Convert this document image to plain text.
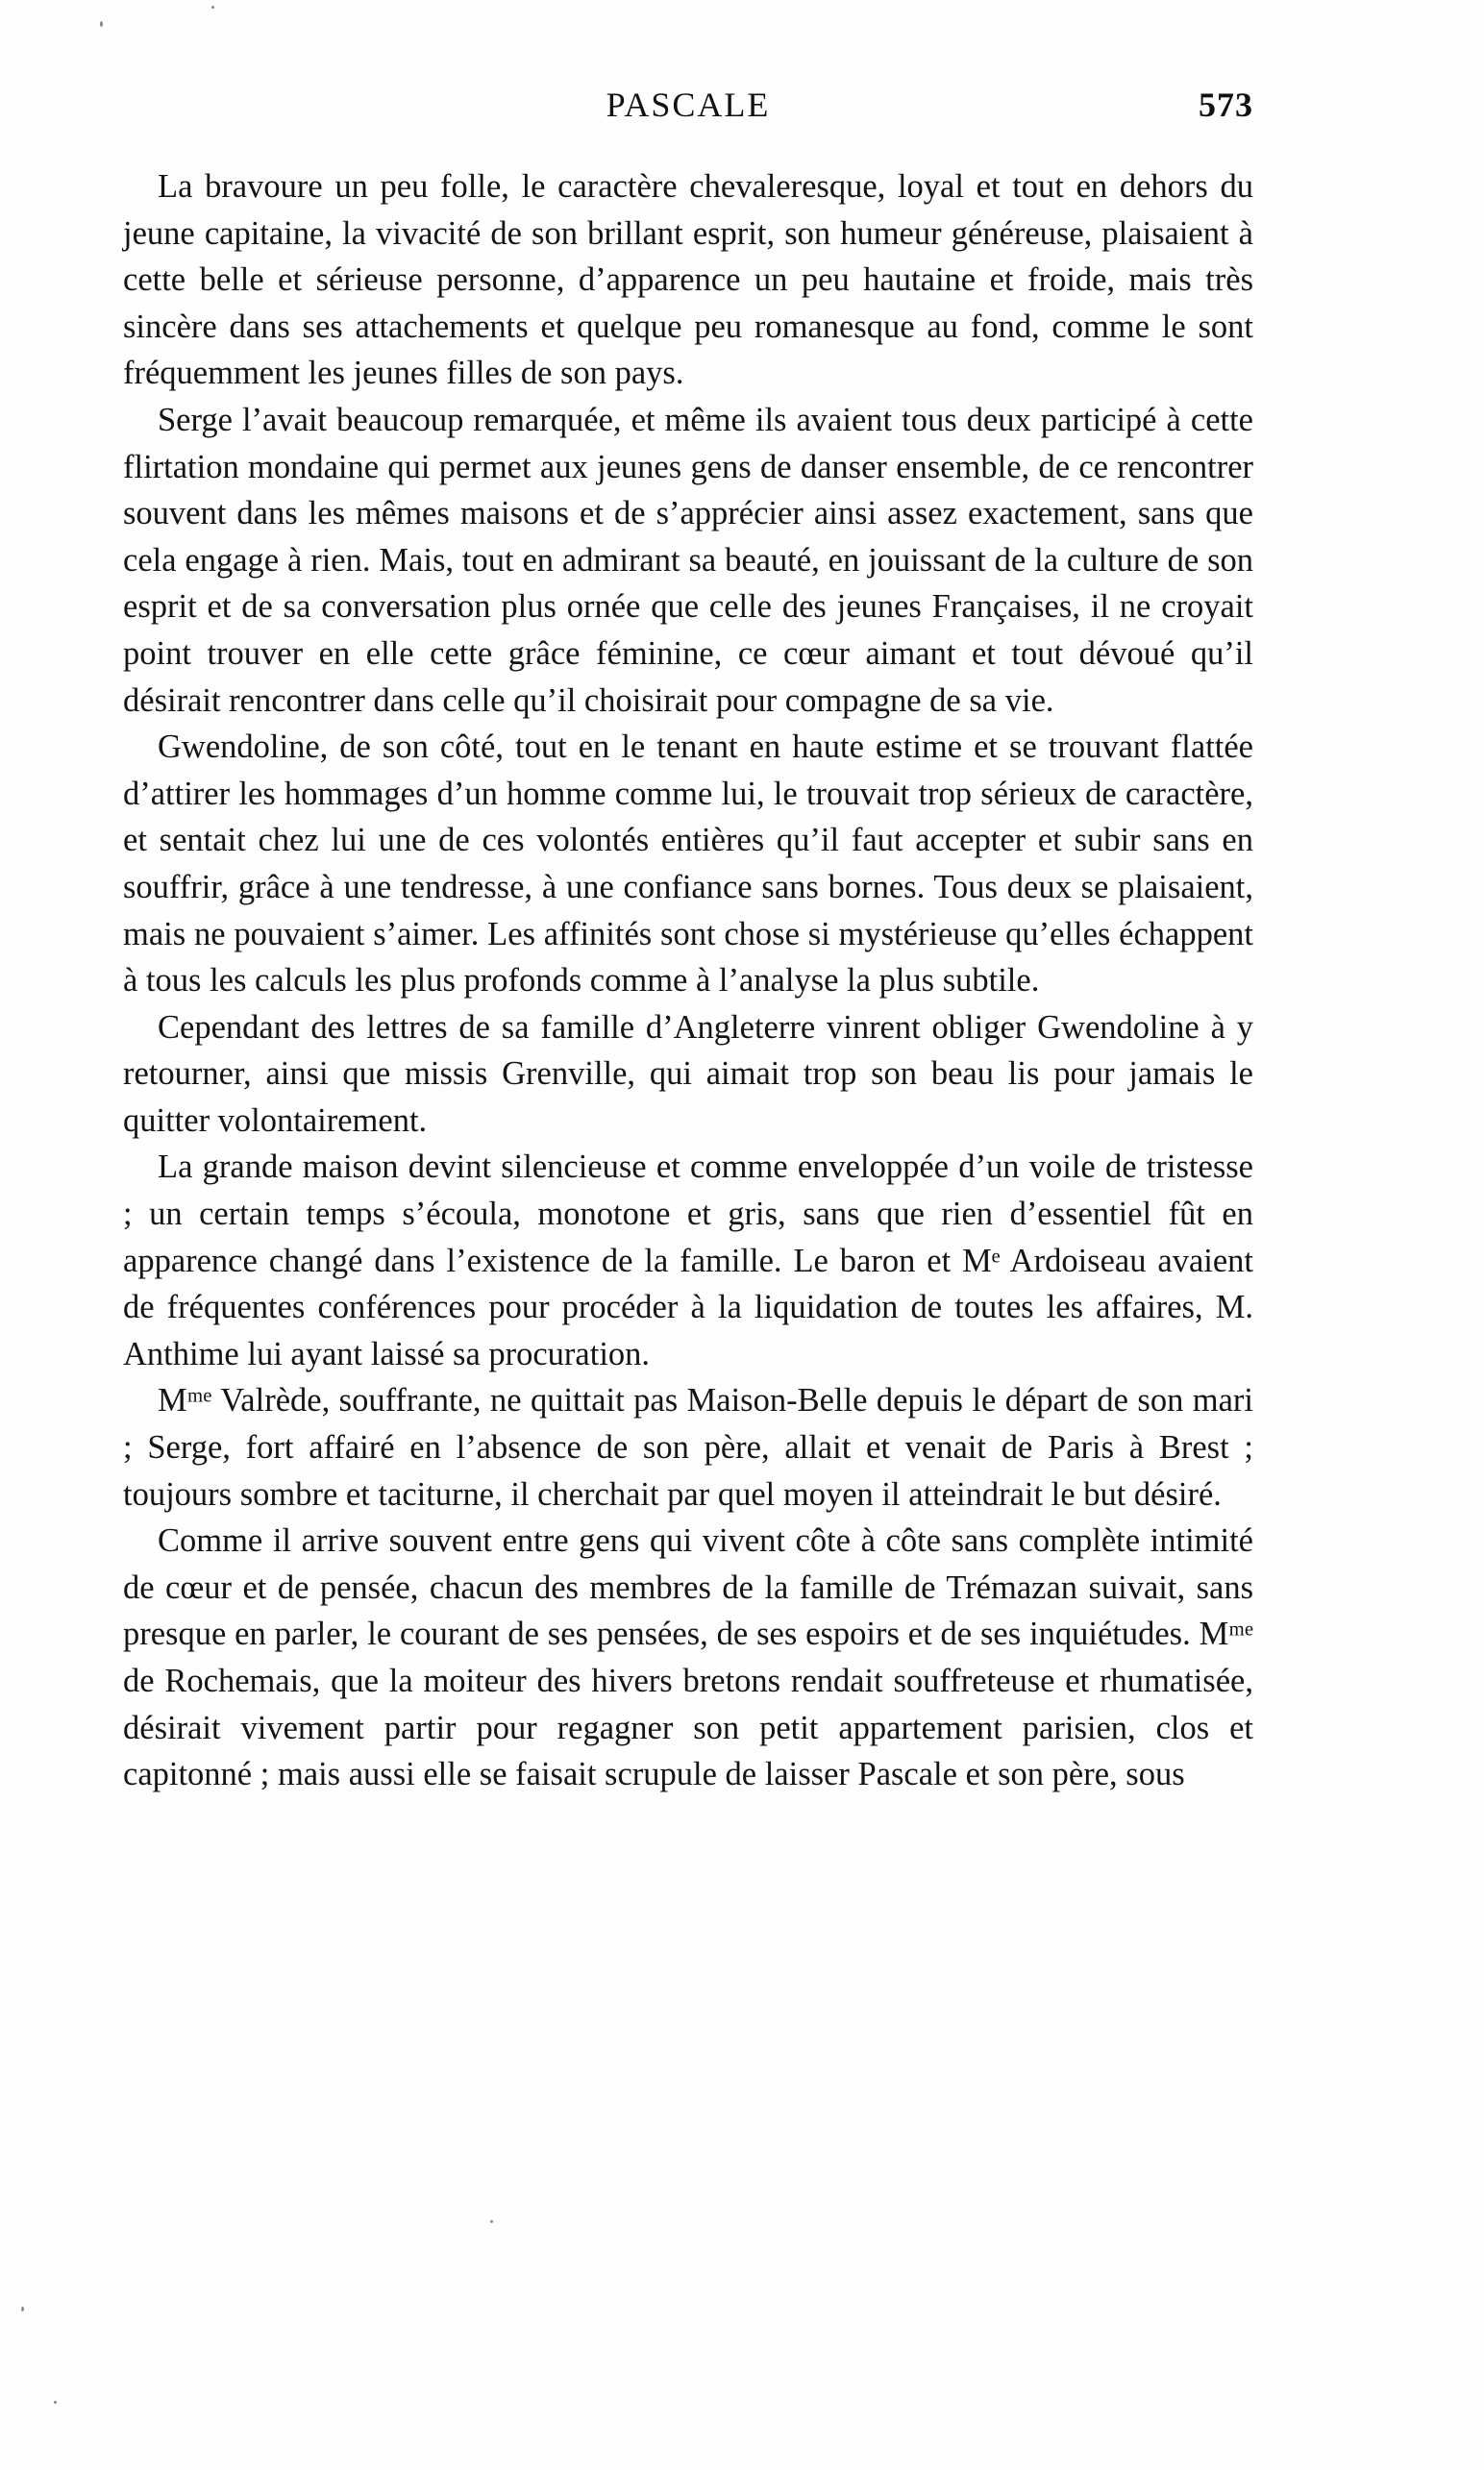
PASCALE	573

La bravoure un peu folle, le caractère chevaleresque, loyal et tout en dehors du jeune capitaine, la vivacité de son brillant esprit, son humeur généreuse, plaisaient à cette belle et sérieuse personne, d’apparence un peu hautaine et froide, mais très sincère dans ses attachements et quelque peu romanesque au fond, comme le sont fréquemment les jeunes filles de son pays.

Serge l’avait beaucoup remarquée, et même ils avaient tous deux participé à cette flirtation mondaine qui permet aux jeunes gens de danser ensemble, de ce rencontrer souvent dans les mêmes maisons et de s’apprécier ainsi assez exactement, sans que cela engage à rien. Mais, tout en admirant sa beauté, en jouissant de la culture de son esprit et de sa conversation plus ornée que celle des jeunes Françaises, il ne croyait point trouver en elle cette grâce féminine, ce cœur aimant et tout dévoué qu’il désirait rencontrer dans celle qu’il choisirait pour compagne de sa vie.

Gwendoline, de son côté, tout en le tenant en haute estime et se trouvant flattée d’attirer les hommages d’un homme comme lui, le trouvait trop sérieux de caractère, et sentait chez lui une de ces volontés entières qu’il faut accepter et subir sans en souffrir, grâce à une tendresse, à une confiance sans bornes. Tous deux se plaisaient, mais ne pouvaient s’aimer. Les affinités sont chose si mystérieuse qu’elles échappent à tous les calculs les plus profonds comme à l’analyse la plus subtile.

Cependant des lettres de sa famille d’Angleterre vinrent obliger Gwendoline à y retourner, ainsi que missis Grenville, qui aimait trop son beau lis pour jamais le quitter volontairement.

La grande maison devint silencieuse et comme enveloppée d’un voile de tristesse ; un certain temps s’écoula, monotone et gris, sans que rien d’essentiel fût en apparence changé dans l’existence de la famille. Le baron et Mᵉ Ardoiseau avaient de fréquentes conférences pour procéder à la liquidation de toutes les affaires, M. Anthime lui ayant laissé sa procuration.

Mᵐᵉ Valrède, souffrante, ne quittait pas Maison-Belle depuis le départ de son mari ; Serge, fort affairé en l’absence de son père, allait et venait de Paris à Brest ; toujours sombre et taciturne, il cherchait par quel moyen il atteindrait le but désiré.

Comme il arrive souvent entre gens qui vivent côte à côte sans complète intimité de cœur et de pensée, chacun des membres de la famille de Trémazan suivait, sans presque en parler, le courant de ses pensées, de ses espoirs et de ses inquiétudes. Mᵐᵉ de Rochemais, que la moiteur des hivers bretons rendait souffreteuse et rhumatisée, désirait vivement partir pour regagner son petit appartement parisien, clos et capitonné ; mais aussi elle se faisait scrupule de laisser Pascale et son père, sous
